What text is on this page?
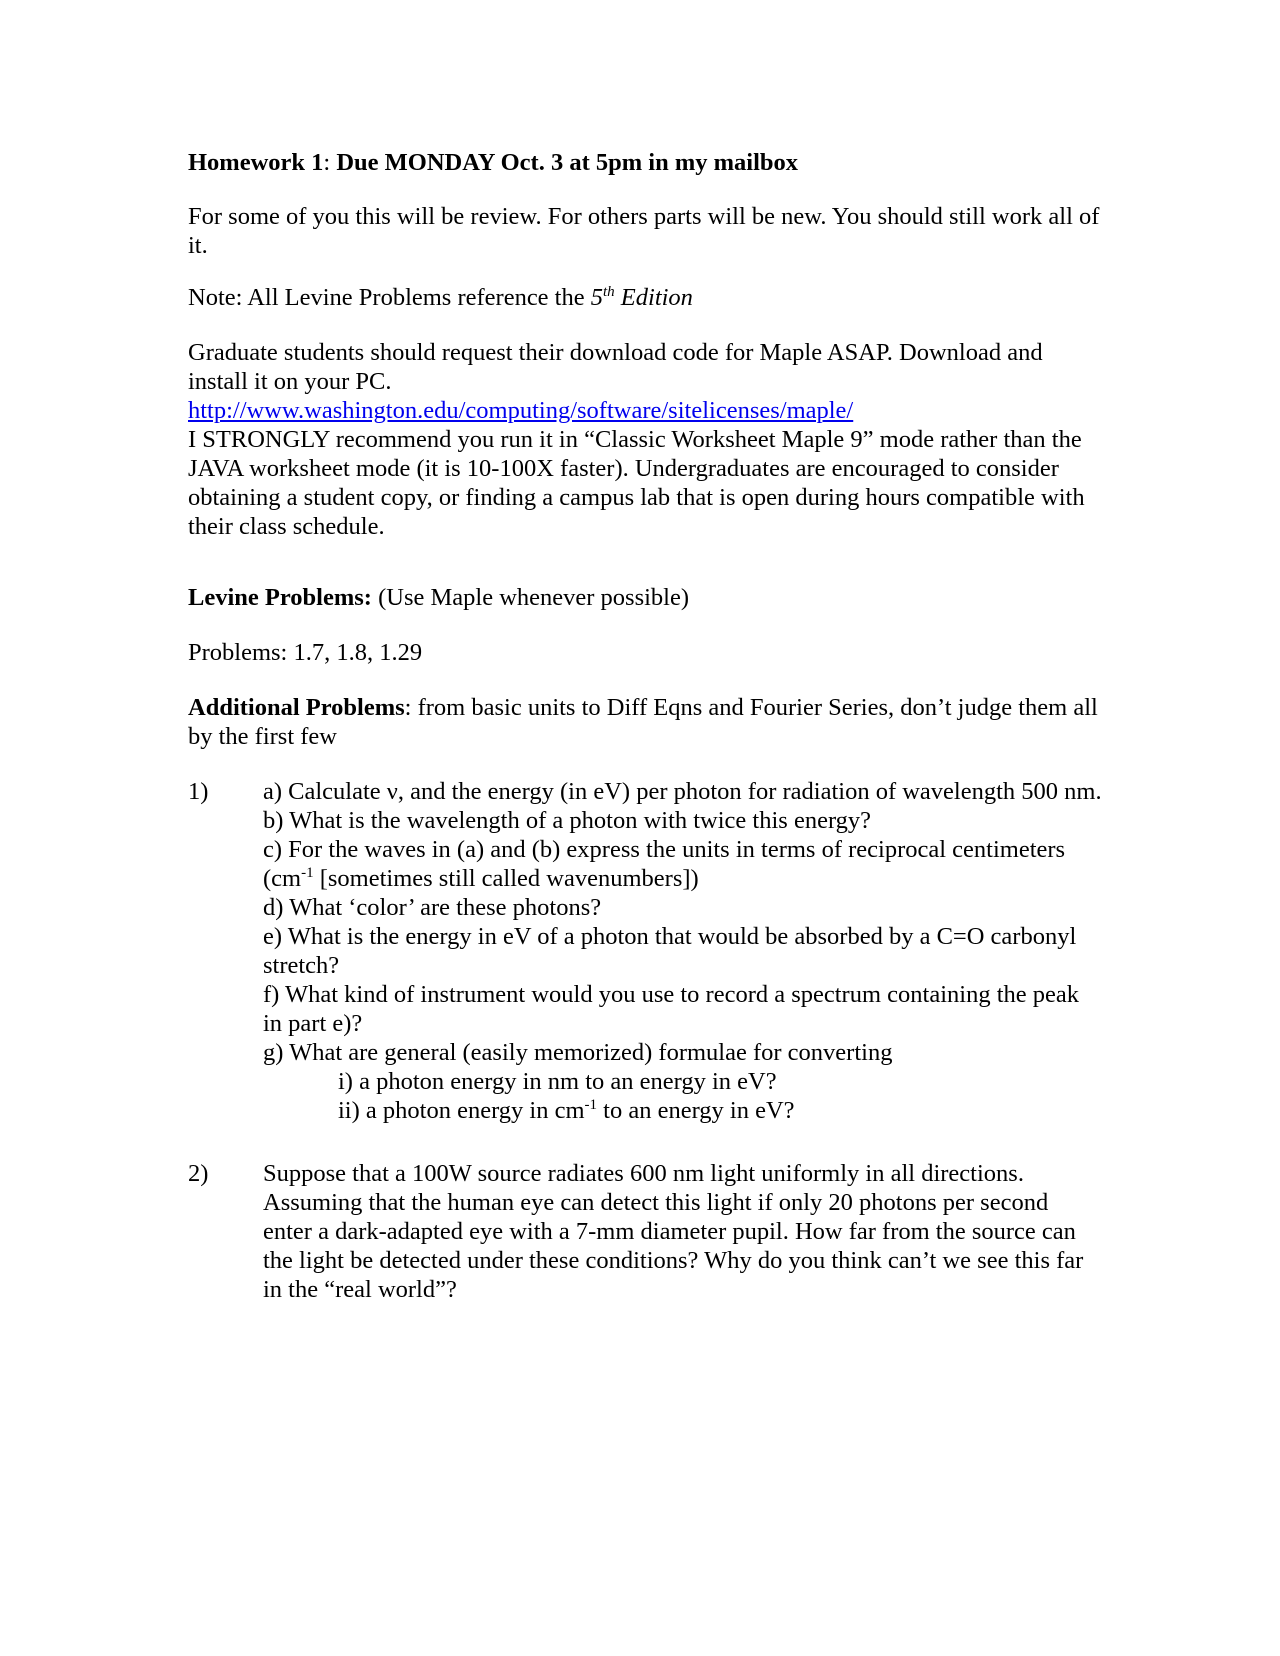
Homework 1: Due MONDAY Oct. 3 at 5pm in my mailbox

For some of you this will be review. For others parts will be new. You should still work all of it.

Note: All Levine Problems reference the 5th Edition

Graduate students should request their download code for Maple ASAP. Download and install it on your PC.
http://www.washington.edu/computing/software/sitelicenses/maple/
I STRONGLY recommend you run it in “Classic Worksheet Maple 9” mode rather than the JAVA worksheet mode (it is 10-100X faster). Undergraduates are encouraged to consider obtaining a student copy, or finding a campus lab that is open during hours compatible with their class schedule.

Levine Problems: (Use Maple whenever possible)

Problems: 1.7, 1.8, 1.29

Additional Problems: from basic units to Diff Eqns and Fourier Series, don’t judge them all by the first few

1) a) Calculate ν, and the energy (in eV) per photon for radiation of wavelength 500 nm.

b) What is the wavelength of a photon with twice this energy?

c) For the waves in (a) and (b) express the units in terms of reciprocal centimeters ($cm^{-1}$ [sometimes still called wavenumbers])

d) What ‘color’ are these photons?

e) What is the energy in eV of a photon that would be absorbed by a C=O carbonyl stretch?

f) What kind of instrument would you use to record a spectrum containing the peak in part e)?

g) What are general (easily memorized) formulae for converting

i) a photon energy in nm to an energy in eV?

ii) a photon energy in $cm^{-1}$ to an energy in eV?

2) Suppose that a 100W source radiates 600 nm light uniformly in all directions. Assuming that the human eye can detect this light if only 20 photons per second enter a dark-adapted eye with a 7-mm diameter pupil. How far from the source can the light be detected under these conditions? Why do you think can’t we see this far in the “real world”?
